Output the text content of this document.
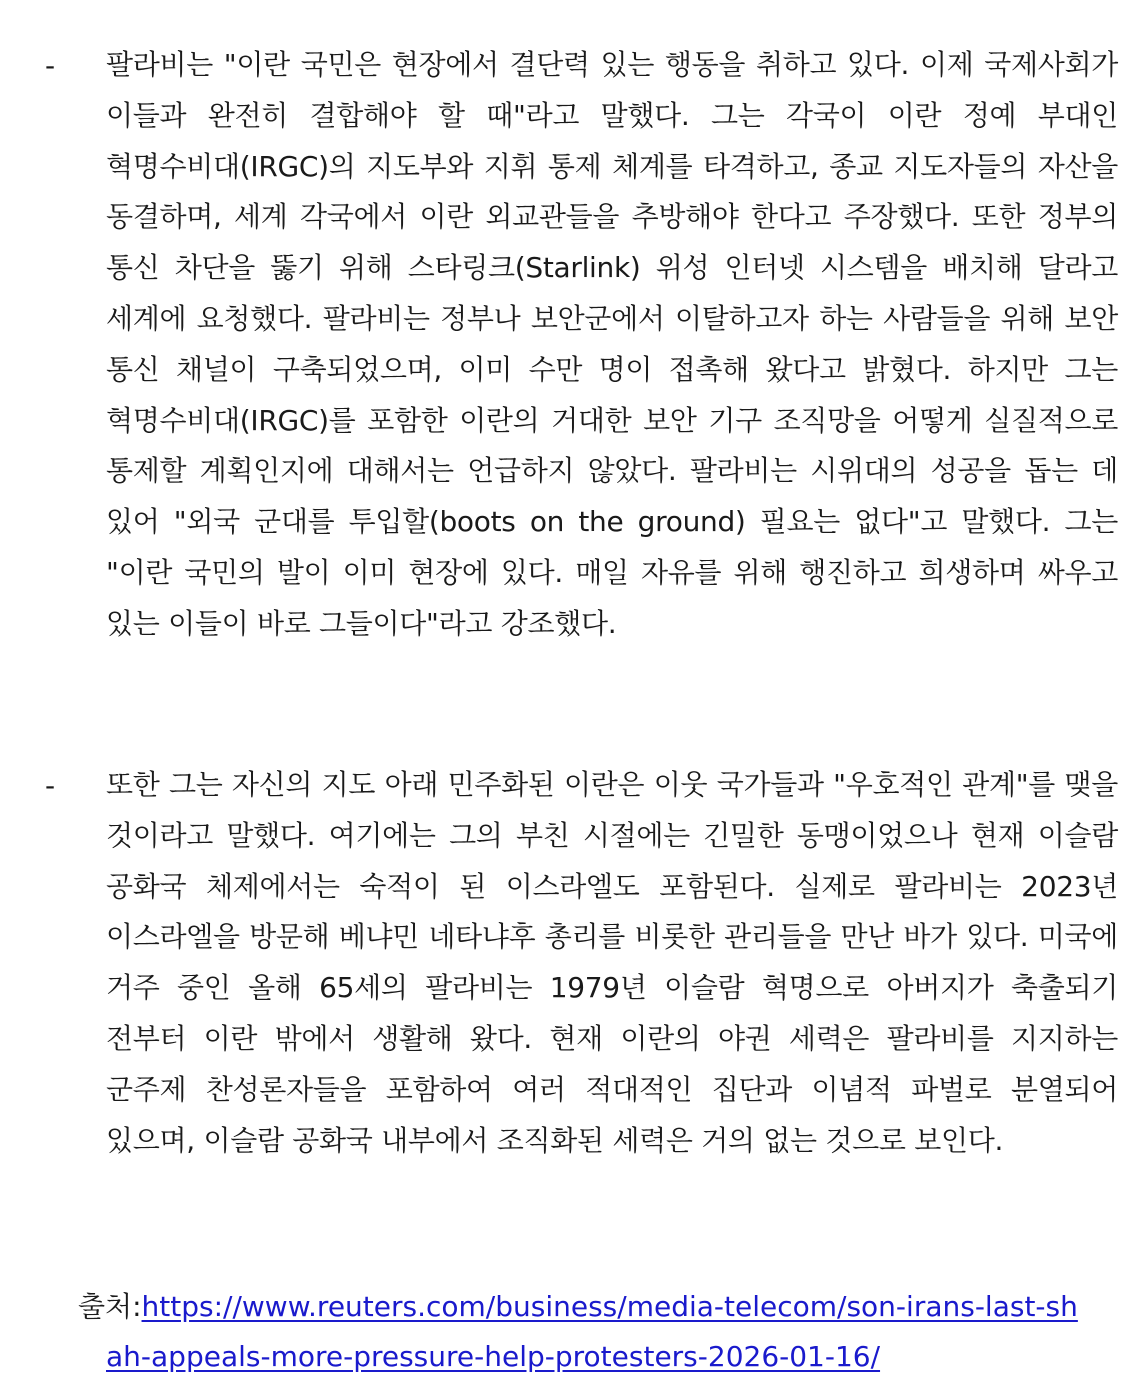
- 팔라비는 "이란 국민은 현장에서 결단력 있는 행동을 취하고 있다. 이제 국제사회가 이들과 완전히 결합해야 할 때"라고 말했다. 그는 각국이 이란 정예 부대인 혁명수비대(IRGC)의 지도부와 지휘 통제 체계를 타격하고, 종교 지도자들의 자산을 동결하며, 세계 각국에서 이란 외교관들을 추방해야 한다고 주장했다. 또한 정부의 통신 차단을 뚫기 위해 스타링크(Starlink) 위성 인터넷 시스템을 배치해 달라고 세계에 요청했다. 팔라비는 정부나 보안군에서 이탈하고자 하는 사람들을 위해 보안 통신 채널이 구축되었으며, 이미 수만 명이 접촉해 왔다고 밝혔다. 하지만 그는 혁명수비대(IRGC)를 포함한 이란의 거대한 보안 기구 조직망을 어떻게 실질적으로 통제할 계획인지에 대해서는 언급하지 않았다. 팔라비는 시위대의 성공을 돕는 데 있어 "외국 군대를 투입할(boots on the ground) 필요는 없다"고 말했다. 그는 "이란 국민의 발이 이미 현장에 있다. 매일 자유를 위해 행진하고 희생하며 싸우고 있는 이들이 바로 그들이다"라고 강조했다.

- 또한 그는 자신의 지도 아래 민주화된 이란은 이웃 국가들과 "우호적인 관계"를 맺을 것이라고 말했다. 여기에는 그의 부친 시절에는 긴밀한 동맹이었으나 현재 이슬람 공화국 체제에서는 숙적이 된 이스라엘도 포함된다. 실제로 팔라비는 2023년 이스라엘을 방문해 베냐민 네타냐후 총리를 비롯한 관리들을 만난 바가 있다. 미국에 거주 중인 올해 65세의 팔라비는 1979년 이슬람 혁명으로 아버지가 축출되기 전부터 이란 밖에서 생활해 왔다. 현재 이란의 야권 세력은 팔라비를 지지하는 군주제 찬성론자들을 포함하여 여러 적대적인 집단과 이념적 파벌로 분열되어 있으며, 이슬람 공화국 내부에서 조직화된 세력은 거의 없는 것으로 보인다.

출처:https://www.reuters.com/business/media-telecom/son-irans-last-shah-appeals-more-pressure-help-protesters-2026-01-16/
